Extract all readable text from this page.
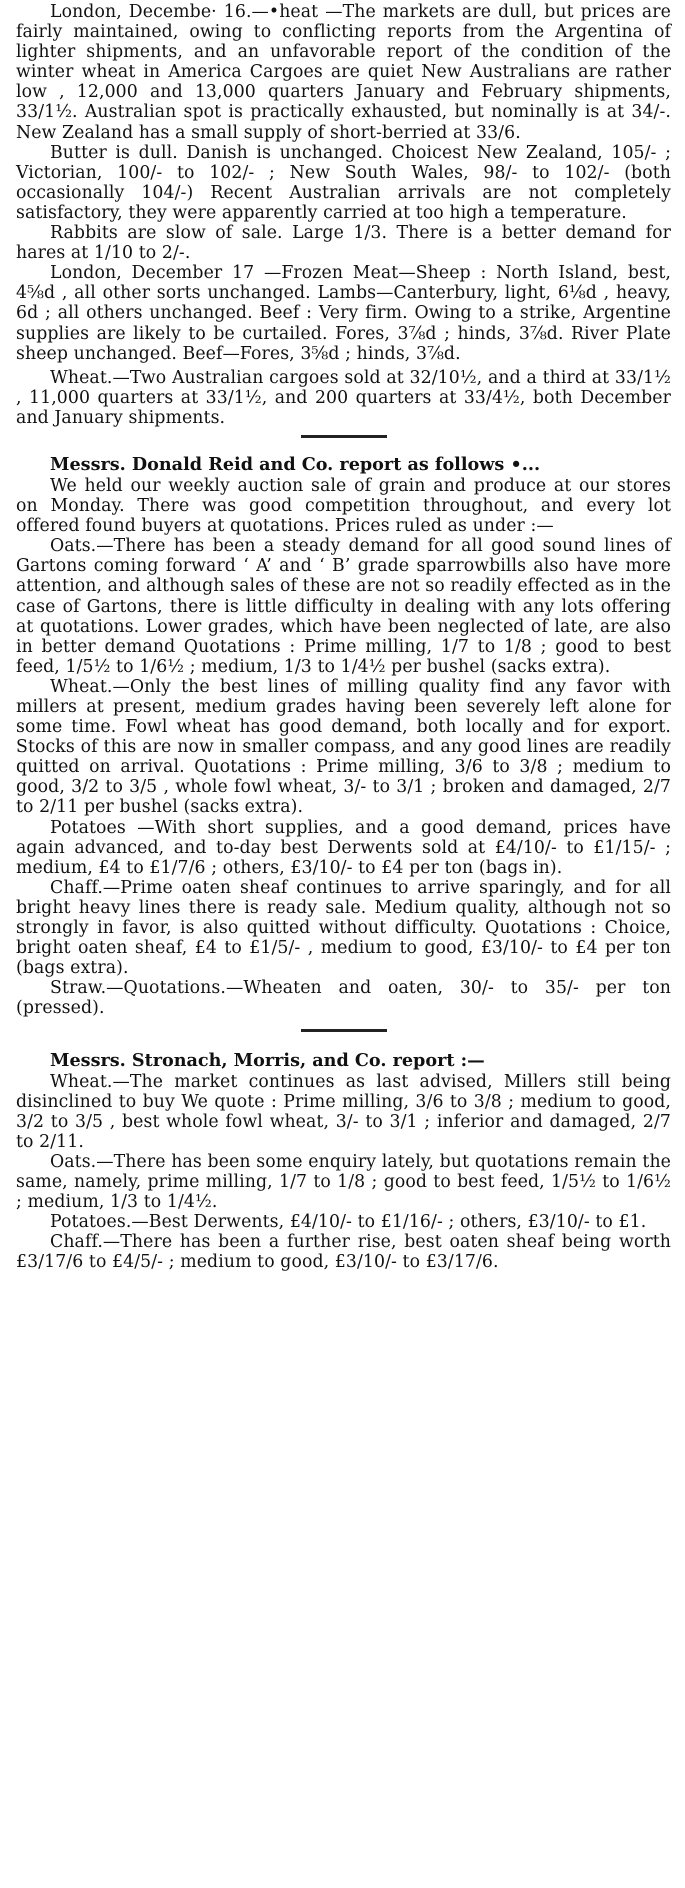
London, Decembe· 16.—•heat —The markets are dull, but prices are fairly maintained, owing to conflicting reports from the Argentina of lighter shipments, and an unfavorable report of the condition of the winter wheat in America Cargoes are quiet New Australians are rather low , 12,000 and 13,000 quarters January and February shipments, 33/1½. Australian spot is practically exhausted, but nominally is at 34/-. New Zealand has a small supply of short-berried at 33/6.

Butter is dull. Danish is unchanged. Choicest New Zealand, 105/- ; Victorian, 100/- to 102/- ; New South Wales, 98/- to 102/- (both occasionally 104/-) Recent Australian arrivals are not completely satisfactory, they were apparently carried at too high a temperature.

Rabbits are slow of sale. Large 1/3. There is a better demand for hares at 1/10 to 2/-.

London, December 17 —Frozen Meat—Sheep : North Island, best, 4⅝d , all other sorts unchanged. Lambs—Canterbury, light, 6⅛d , heavy, 6d ; all others unchanged. Beef : Very firm. Owing to a strike, Argentine supplies are likely to be curtailed. Fores, 3⅞d ; hinds, 3⅞d. River Plate sheep unchanged. Beef—Fores, 3⅝d ; hinds, 3⅞d.

Wheat.—Two Australian cargoes sold at 32/10½, and a third at 33/1½ , 11,000 quarters at 33/1½, and 200 quarters at 33/4½, both December and January shipments.

Messrs. Donald Reid and Co. report as follows •...

We held our weekly auction sale of grain and produce at our stores on Monday. There was good competition throughout, and every lot offered found buyers at quotations. Prices ruled as under :—

Oats.—There has been a steady demand for all good sound lines of Gartons coming forward ‘ A’ and ‘ B’ grade sparrowbills also have more attention, and although sales of these are not so readily effected as in the case of Gartons, there is little difficulty in dealing with any lots offering at quotations. Lower grades, which have been neglected of late, are also in better demand Quotations : Prime milling, 1/7 to 1/8 ; good to best feed, 1/5½ to 1/6½ ; medium, 1/3 to 1/4½ per bushel (sacks extra).

Wheat.—Only the best lines of milling quality find any favor with millers at present, medium grades having been severely left alone for some time. Fowl wheat has good demand, both locally and for export. Stocks of this are now in smaller compass, and any good lines are readily quitted on arrival. Quotations : Prime milling, 3/6 to 3/8 ; medium to good, 3/2 to 3/5 , whole fowl wheat, 3/- to 3/1 ; broken and damaged, 2/7 to 2/11 per bushel (sacks extra).

Potatoes —With short supplies, and a good demand, prices have again advanced, and to-day best Derwents sold at £4/10/- to £1/15/- ; medium, £4 to £1/7/6 ; others, £3/10/- to £4 per ton (bags in).

Chaff.—Prime oaten sheaf continues to arrive sparingly, and for all bright heavy lines there is ready sale. Medium quality, although not so strongly in favor, is also quitted without difficulty. Quotations : Choice, bright oaten sheaf, £4 to £1/5/- , medium to good, £3/10/- to £4 per ton (bags extra).

Straw.—Quotations.—Wheaten and oaten, 30/- to 35/- per ton (pressed).

Messrs. Stronach, Morris, and Co. report :—

Wheat.—The market continues as last advised, Millers still being disinclined to buy We quote : Prime milling, 3/6 to 3/8 ; medium to good, 3/2 to 3/5 , best whole fowl wheat, 3/- to 3/1 ; inferior and damaged, 2/7 to 2/11.

Oats.—There has been some enquiry lately, but quotations remain the same, namely, prime milling, 1/7 to 1/8 ; good to best feed, 1/5½ to 1/6½ ; medium, 1/3 to 1/4½.

Potatoes.—Best Derwents, £4/10/- to £1/16/- ; others, £3/10/- to £1.

Chaff.—There has been a further rise, best oaten sheaf being worth £3/17/6 to £4/5/- ; medium to good, £3/10/- to £3/17/6.
